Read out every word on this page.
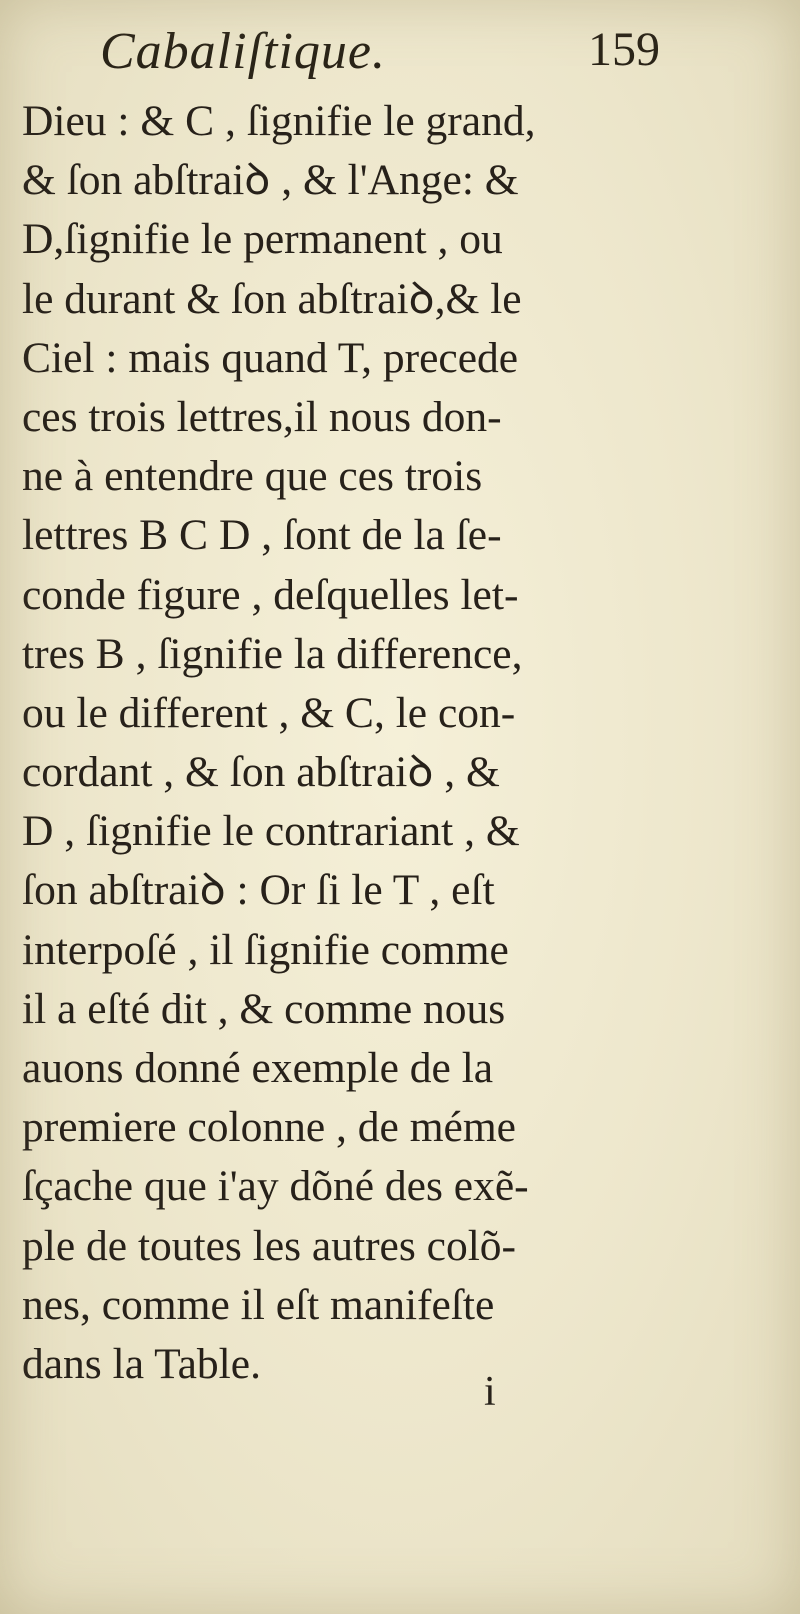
Cabaliſtique.	159
Dieu : & C , ſignifie le grand,
& ſon abſtraiꝺ , & l'Ange: &
D,ſignifie le permanent , ou
le durant & ſon abſtraiꝺ,& le
Ciel : mais quand T, precede
ces trois lettres,il nous don-
ne à entendre que ces trois
lettres B C D , ſont de la ſe-
conde figure , deſquelles let-
tres B , ſignifie la difference,
ou le different , & C, le con-
cordant , & ſon abſtraiꝺ , &
D , ſignifie le contrariant , &
ſon abſtraiꝺ : Or ſi le T , eſt
interpoſé , il ſignifie comme
il a eſté dit , & comme nous
auons donné exemple de la
premiere colonne , de méme
ſçache que i'ay dõné des exẽ-
ple de toutes les autres colõ-
nes, comme il eſt manifeſte
dans la Table.
i
